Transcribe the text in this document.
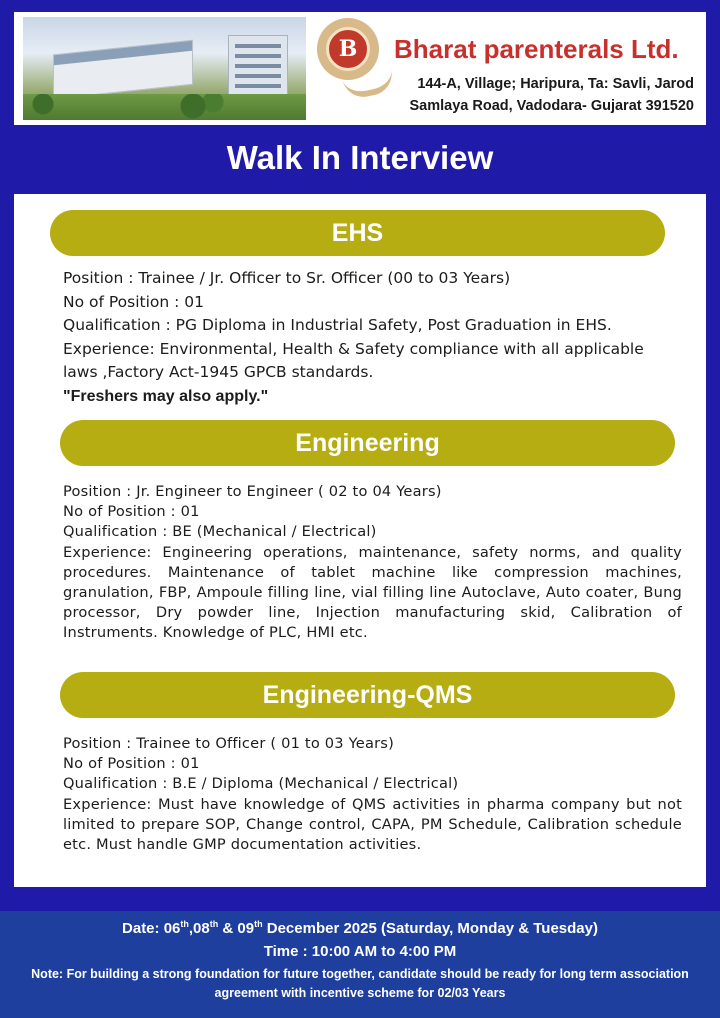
B	Bharat parenterals Ltd.
144-A, Village; Haripura, Ta: Savli, Jarod
Samlaya Road, Vadodara- Gujarat 391520
Walk In Interview
EHS
Position : Trainee / Jr. Officer to Sr. Officer (00 to 03 Years)
No of Position : 01
Qualification : PG Diploma in Industrial Safety, Post Graduation in EHS.
Experience: Environmental, Health & Safety compliance with all applicable laws ,Factory Act-1945 GPCB standards.
"Freshers may also apply."
Engineering
Position : Jr. Engineer to Engineer ( 02 to 04 Years)
No of Position : 01
Qualification : BE (Mechanical / Electrical)
Experience: Engineering operations, maintenance, safety norms, and quality procedures. Maintenance of tablet machine like compression machines, granulation, FBP, Ampoule filling line, vial filling line Autoclave, Auto coater, Bung processor, Dry powder line, Injection manufacturing skid, Calibration of Instruments. Knowledge of PLC, HMI etc.
Engineering-QMS
Position : Trainee to Officer ( 01 to 03 Years)
No of Position : 01
Qualification : B.E / Diploma (Mechanical / Electrical)
Experience: Must have knowledge of QMS activities in pharma company but not limited to prepare SOP, Change control, CAPA, PM Schedule, Calibration schedule etc. Must handle GMP documentation activities.
Date: 06th,08th & 09th December 2025 (Saturday, Monday & Tuesday)
Time : 10:00 AM to 4:00 PM
Note: For building a strong foundation for future together, candidate should be ready for long term association agreement with incentive scheme for 02/03 Years
